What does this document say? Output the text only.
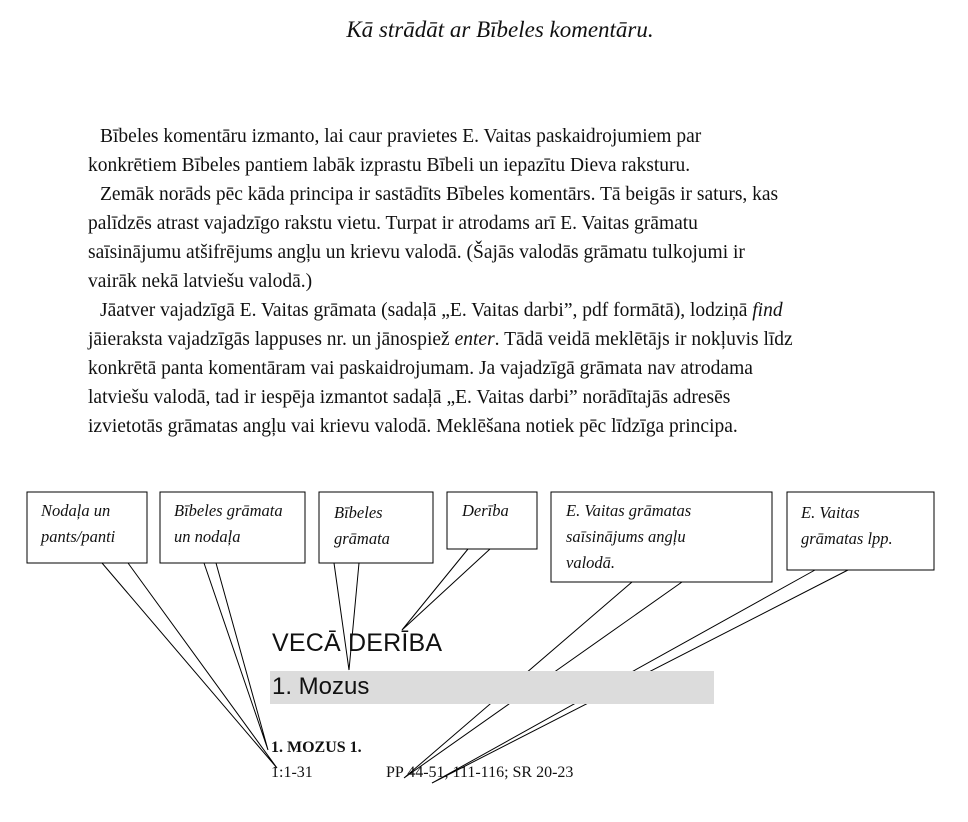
Kā strādāt ar Bībeles komentāru.
Bībeles komentāru izmanto, lai caur pravietes E. Vaitas paskaidrojumiem par
konkrētiem Bībeles pantiem labāk izprastu Bībeli un iepazītu Dieva raksturu.
Zemāk norāds pēc kāda principa ir sastādīts Bībeles komentārs. Tā beigās ir saturs, kas
palīdzēs atrast vajadzīgo rakstu vietu. Turpat ir atrodams arī E. Vaitas grāmatu
saīsinājumu atšifrējums angļu un krievu valodā. (Šajās valodās grāmatu tulkojumi ir
vairāk nekā latviešu valodā.)
Jāatver vajadzīgā E. Vaitas grāmata (sadaļā „E. Vaitas darbi”, pdf formātā), lodziņā find
jāieraksta vajadzīgās lappuses nr. un jānospiež enter. Tādā veidā meklētājs ir nokļuvis līdz
konkrētā panta komentāram vai paskaidrojumam. Ja vajadzīgā grāmata nav atrodama
latviešu valodā, tad ir iespēja izmantot sadaļā „E. Vaitas darbi” norādītajās adresēs
izvietotās grāmatas angļu vai krievu valodā. Meklēšana notiek pēc līdzīga principa.
Nodaļa un
pants/panti
Bībeles grāmata
un nodaļa
Bībeles
grāmata
Derība	E. Vaitas grāmatas
saīsinājums angļu
valodā.
E. Vaitas
grāmatas lpp.
VECĀ DERĪBA
1. Mozus
1. MOZUS 1.
1:1-31	PP 44-51, 111-116; SR 20-23
